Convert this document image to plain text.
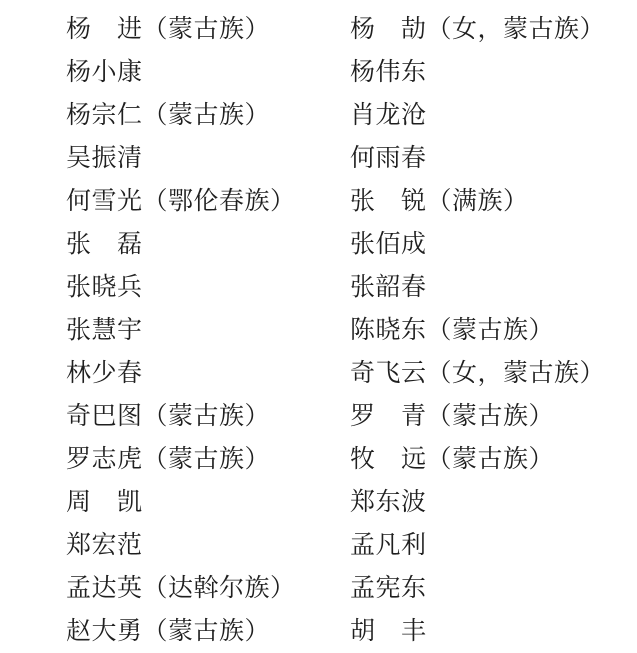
杨　进（蒙古族）	杨　劼（女，蒙古族）
杨小康	杨伟东
杨宗仁（蒙古族）	肖龙沧
吴振清	何雨春
何雪光（鄂伦春族）	张　锐（满族）
张　磊	张佰成
张晓兵	张韶春
张慧宇	陈晓东（蒙古族）
林少春	奇飞云（女，蒙古族）
奇巴图（蒙古族）	罗　青（蒙古族）
罗志虎（蒙古族）	牧　远（蒙古族）
周　凯	郑东波
郑宏范	孟凡利
孟达英（达斡尔族）	孟宪东
赵大勇（蒙古族）	胡　丰
